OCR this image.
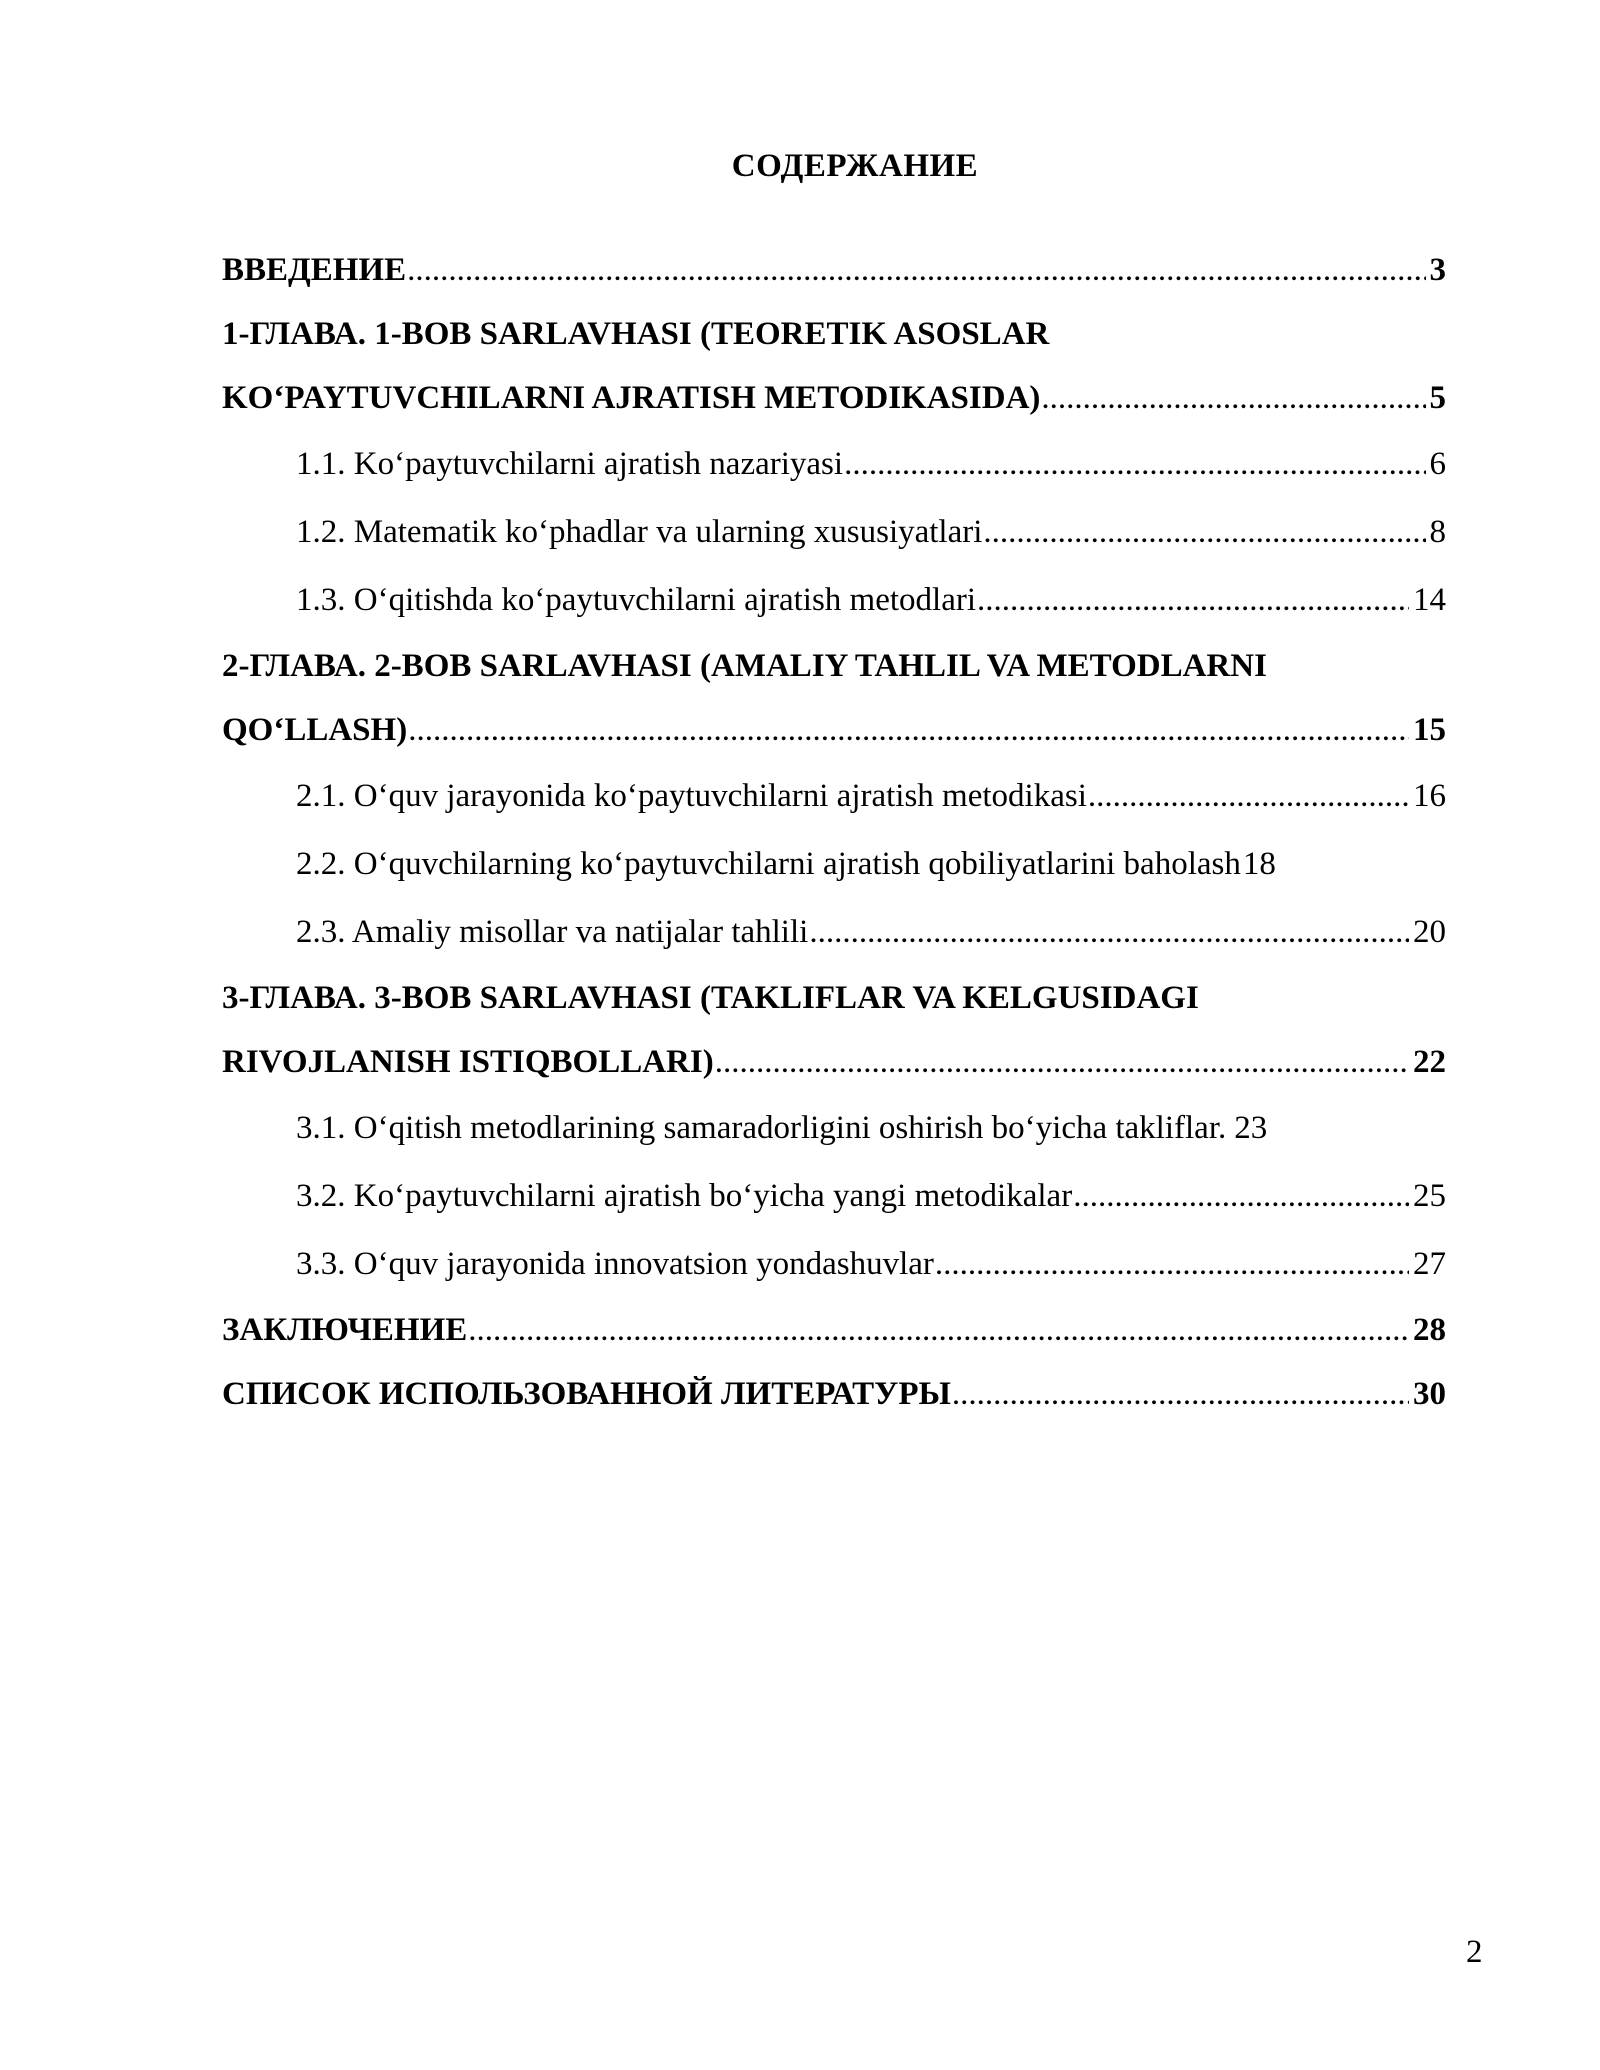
СОДЕРЖАНИЕ
ВВЕДЕНИЕ .....	3
1-ГЛАВА. 1-BOB SARLAVHASI (TEORETIK ASOSLAR
KO‘PAYTUVCHILARNI AJRATISH METODIKASIDA) .....	5
1.1. Ko‘paytuvchilarni ajratish nazariyasi .....	6
1.2. Matematik ko‘phadlar va ularning xususiyatlari .....	8
1.3. O‘qitishda ko‘paytuvchilarni ajratish metodlari .....	14
2-ГЛАВА. 2-BOB SARLAVHASI (AMALIY TAHLIL VA METODLARNI
QO‘LLASH) .....	15
2.1. O‘quv jarayonida ko‘paytuvchilarni ajratish metodikasi .....	16
2.2. O‘quvchilarning ko‘paytuvchilarni ajratish qobiliyatlarini baholash 18
2.3. Amaliy misollar va natijalar tahlili .....	20
3-ГЛАВА. 3-BOB SARLAVHASI (TAKLIFLAR VA KELGUSIDAGI
RIVOJLANISH ISTIQBOLLARI) .....	22
3.1. O‘qitish metodlarining samaradorligini oshirish bo‘yicha takliflar. 23
3.2. Ko‘paytuvchilarni ajratish bo‘yicha yangi metodikalar .....	25
3.3. O‘quv jarayonida innovatsion yondashuvlar .....	27
ЗАКЛЮЧЕНИЕ .....	28
СПИСОК ИСПОЛЬЗОВАННОЙ ЛИТЕРАТУРЫ .....	30
2
